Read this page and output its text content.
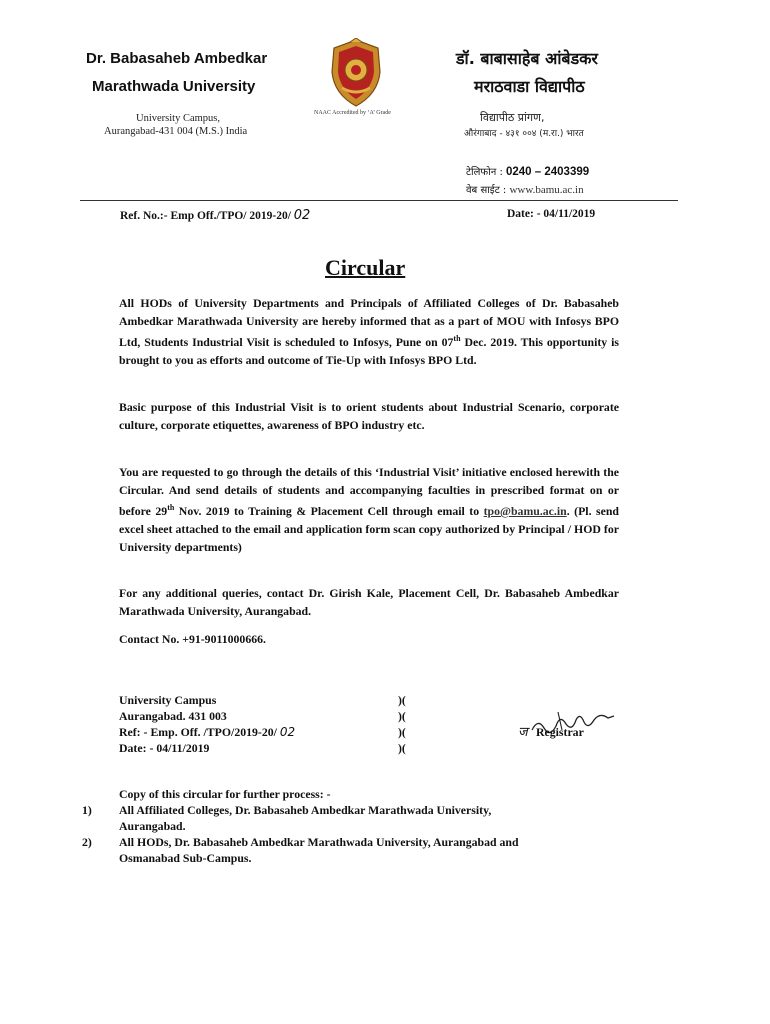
Dr. Babasaheb Ambedkar
Marathwada University
University Campus,
Aurangabad-431 004 (M.S.) India
NAAC Accredited by ‘A’ Grade
डॉ. बाबासाहेब आंबेडकर
मराठवाडा विद्यापीठ
विद्यापीठ प्रांगण,
औरंगाबाद - ४३१ ००४ (म.रा.) भारत
टेलिफोन : 0240 – 2403399
वेब साईट : www.bamu.ac.in
Ref. No.:- Emp Off./TPO/ 2019-20/ 02	Date: - 04/11/2019
Circular
All HODs of University Departments and Principals of Affiliated Colleges of Dr. Babasaheb Ambedkar Marathwada University are hereby informed that as a part of MOU with Infosys BPO Ltd, Students Industrial Visit is scheduled to Infosys, Pune on 07th Dec. 2019. This opportunity is brought to you as efforts and outcome of Tie-Up with Infosys BPO Ltd.
Basic purpose of this Industrial Visit is to orient students about Industrial Scenario, corporate culture, corporate etiquettes, awareness of BPO industry etc.
You are requested to go through the details of this ‘Industrial Visit’ initiative enclosed herewith the Circular. And send details of students and accompanying faculties in prescribed format on or before 29th Nov. 2019 to Training & Placement Cell through email to tpo@bamu.ac.in. (Pl. send excel sheet attached to the email and application form scan copy authorized by Principal / HOD for University departments)
For any additional queries, contact Dr. Girish Kale, Placement Cell, Dr. Babasaheb Ambedkar Marathwada University, Aurangabad.
Contact No. +91-9011000666.
University Campus
Aurangabad. 431 003
Ref: - Emp. Off. /TPO/2019-20/ 02
Date: - 04/11/2019
)(
)(
)(
)(
ज Registrar
Copy of this circular for further process: -
1)
2)
All Affiliated Colleges, Dr. Babasaheb Ambedkar Marathwada University,
Aurangabad.
All HODs, Dr. Babasaheb Ambedkar Marathwada University, Aurangabad and
Osmanabad Sub-Campus.
